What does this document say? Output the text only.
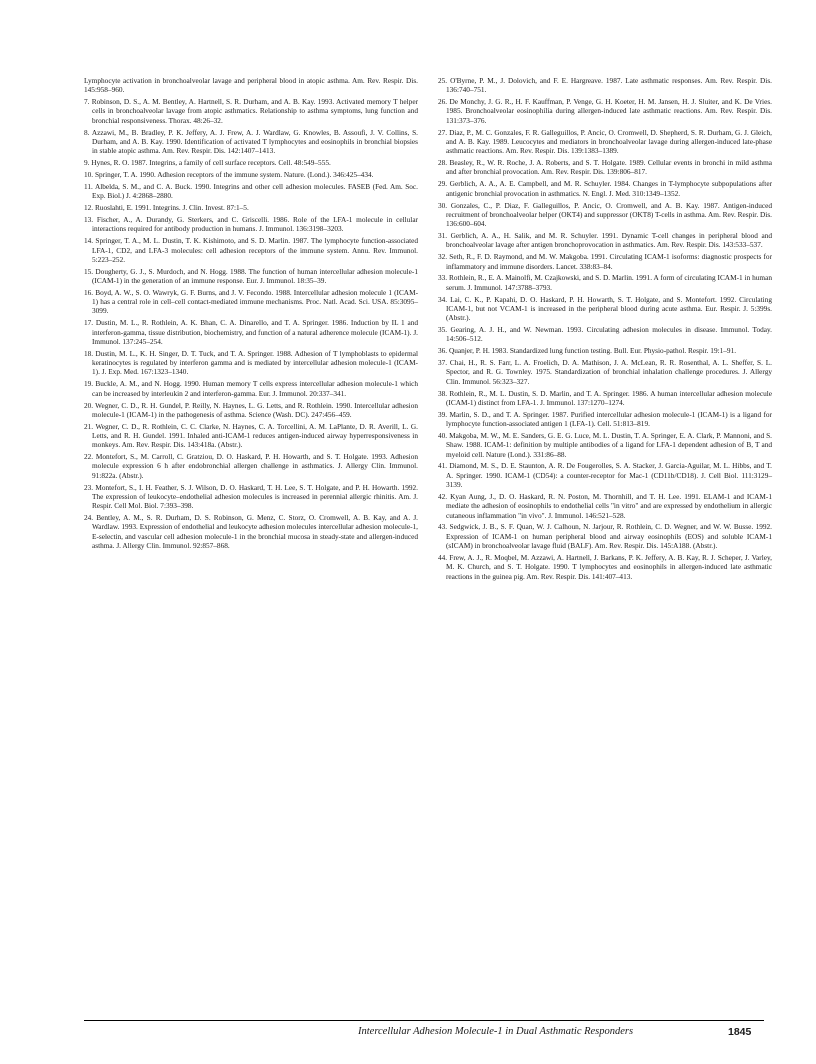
Lymphocyte activation in bronchoalveolar lavage and peripheral blood in atopic asthma. Am. Rev. Respir. Dis. 145:958–960.

7. Robinson, D. S., A. M. Bentley, A. Hartnell, S. R. Durham, and A. B. Kay. 1993. Activated memory T helper cells in bronchoalveolar lavage from atopic asthmatics. Relationship to asthma symptoms, lung function and bronchial responsiveness. Thorax. 48:26–32.

8. Azzawi, M., B. Bradley, P. K. Jeffery, A. J. Frew, A. J. Wardlaw, G. Knowles, B. Assoufi, J. V. Collins, S. Durham, and A. B. Kay. 1990. Identification of activated T lymphocytes and eosinophils in bronchial biopsies in stable atopic asthma. Am. Rev. Respir. Dis. 142:1407–1413.

9. Hynes, R. O. 1987. Integrins, a family of cell surface receptors. Cell. 48:549–555.

10. Springer, T. A. 1990. Adhesion receptors of the immune system. Nature. (Lond.). 346:425–434.

11. Albelda, S. M., and C. A. Buck. 1990. Integrins and other cell adhesion molecules. FASEB (Fed. Am. Soc. Exp. Biol.) J. 4:2868–2880.

12. Ruoslahti, E. 1991. Integrins. J. Clin. Invest. 87:1–5.

13. Fischer, A., A. Durandy, G. Sterkers, and C. Griscelli. 1986. Role of the LFA-1 molecule in cellular interactions required for antibody production in humans. J. Immunol. 136:3198–3203.

14. Springer, T. A., M. L. Dustin, T. K. Kishimoto, and S. D. Marlin. 1987. The lymphocyte function-associated LFA-1, CD2, and LFA-3 molecules: cell adhesion receptors of the immune system. Annu. Rev. Immunol. 5:223–252.

15. Dougherty, G. J., S. Murdoch, and N. Hogg. 1988. The function of human intercellular adhesion molecule-1 (ICAM-1) in the generation of an immune response. Eur. J. Immunol. 18:35–39.

16. Boyd, A. W., S. O. Wawryk, G. F. Burns, and J. V. Fecondo. 1988. Intercellular adhesion molecule 1 (ICAM-1) has a central role in cell–cell contact-mediated immune mechanisms. Proc. Natl. Acad. Sci. USA. 85:3095–3099.

17. Dustin, M. L., R. Rothlein, A. K. Bhan, C. A. Dinarello, and T. A. Springer. 1986. Induction by IL 1 and interferon-gamma, tissue distribution, biochemistry, and function of a natural adherence molecule (ICAM-1). J. Immunol. 137:245–254.

18. Dustin, M. L., K. H. Singer, D. T. Tuck, and T. A. Springer. 1988. Adhesion of T lymphoblasts to epidermal keratinocytes is regulated by interferon gamma and is mediated by intercellular adhesion molecule-1 (ICAM-1). J. Exp. Med. 167:1323–1340.

19. Buckle, A. M., and N. Hogg. 1990. Human memory T cells express intercellular adhesion molecule-1 which can be increased by interleukin 2 and interferon-gamma. Eur. J. Immunol. 20:337–341.

20. Wegner, C. D., R. H. Gundel, P. Reilly, N. Haynes, L. G. Letts, and R. Rothlein. 1990. Intercellular adhesion molecule-1 (ICAM-1) in the pathogenesis of asthma. Science (Wash. DC). 247:456–459.

21. Wegner, C. D., R. Rothlein, C. C. Clarke, N. Haynes, C. A. Torcellini, A. M. LaPlante, D. R. Averill, L. G. Letts, and R. H. Gundel. 1991. Inhaled anti-ICAM-1 reduces antigen-induced airway hyperresponsiveness in monkeys. Am. Rev. Respir. Dis. 143:418a. (Abstr.).

22. Montefort, S., M. Carroll, C. Gratziou, D. O. Haskard, P. H. Howarth, and S. T. Holgate. 1993. Adhesion molecule expression 6 h after endobronchial allergen challenge in asthmatics. J. Allergy Clin. Immunol. 91:822a. (Abstr.).

23. Montefort, S., I. H. Feather, S. J. Wilson, D. O. Haskard, T. H. Lee, S. T. Holgate, and P. H. Howarth. 1992. The expression of leukocyte–endothelial adhesion molecules is increased in perennial allergic rhinitis. Am. J. Respir. Cell Mol. Biol. 7:393–398.

24. Bentley, A. M., S. R. Durham, D. S. Robinson, G. Menz, C. Storz, O. Cromwell, A. B. Kay, and A. J. Wardlaw. 1993. Expression of endothelial and leukocyte adhesion molecules intercellular adhesion molecule-1, E-selectin, and vascular cell adhesion molecule-1 in the bronchial mucosa in steady-state and allergen-induced asthma. J. Allergy Clin. Immunol. 92:857–868.

25. O'Byrne, P. M., J. Dolovich, and F. E. Hargreave. 1987. Late asthmatic responses. Am. Rev. Respir. Dis. 136:740–751.

26. De Monchy, J. G. R., H. F. Kauffman, P. Venge, G. H. Koeter, H. M. Jansen, H. J. Sluiter, and K. De Vries. 1985. Bronchoalveolar eosinophilia during allergen-induced late asthmatic reactions. Am. Rev. Respir. Dis. 131:373–376.

27. Diaz, P., M. C. Gonzales, F. R. Galleguillos, P. Ancic, O. Cromwell, D. Shepherd, S. R. Durham, G. J. Gleich, and A. B. Kay. 1989. Leucocytes and mediators in bronchoalveolar lavage during allergen-induced late-phase asthmatic reactions. Am. Rev. Respir. Dis. 139:1383–1389.

28. Beasley, R., W. R. Roche, J. A. Roberts, and S. T. Holgate. 1989. Cellular events in bronchi in mild asthma and after bronchial provocation. Am. Rev. Respir. Dis. 139:806–817.

29. Gerblich, A. A., A. E. Campbell, and M. R. Schuyler. 1984. Changes in T-lymphocyte subpopulations after antigenic bronchial provocation in asthmatics. N. Engl. J. Med. 310:1349–1352.

30. Gonzales, C., P. Diaz, F. Galleguillos, P. Ancic, O. Cromwell, and A. B. Kay. 1987. Antigen-induced recruitment of bronchoalveolar helper (OKT4) and suppressor (OKT8) T-cells in asthma. Am. Rev. Respir. Dis. 136:600–604.

31. Gerblich, A. A., H. Salik, and M. R. Schuyler. 1991. Dynamic T-cell changes in peripheral blood and bronchoalveolar lavage after antigen bronchoprovocation in asthmatics. Am. Rev. Respir. Dis. 143:533–537.

32. Seth, R., F. D. Raymond, and M. W. Makgoba. 1991. Circulating ICAM-1 isoforms: diagnostic prospects for inflammatory and immune disorders. Lancet. 338:83–84.

33. Rothlein, R., E. A. Mainolfi, M. Czajkowski, and S. D. Marlin. 1991. A form of circulating ICAM-1 in human serum. J. Immunol. 147:3788–3793.

34. Lai, C. K., P. Kapahi, D. O. Haskard, P. H. Howarth, S. T. Holgate, and S. Montefort. 1992. Circulating ICAM-1, but not VCAM-1 is increased in the peripheral blood during acute asthma. Eur. Respir. J. 5:399s. (Abstr.).

35. Gearing, A. J. H., and W. Newman. 1993. Circulating adhesion molecules in disease. Immunol. Today. 14:506–512.

36. Quanjer, P. H. 1983. Standardized lung function testing. Bull. Eur. Physio-pathol. Respir. 19:1–91.

37. Chai, H., R. S. Farr, L. A. Froelich, D. A. Mathison, J. A. McLean, R. R. Rosenthal, A. L. Sheffer, S. L. Spector, and R. G. Townley. 1975. Standardization of bronchial inhalation challenge procedures. J. Allergy Clin. Immunol. 56:323–327.

38. Rothlein, R., M. L. Dustin, S. D. Marlin, and T. A. Springer. 1986. A human intercellular adhesion molecule (ICAM-1) distinct from LFA-1. J. Immunol. 137:1270–1274.

39. Marlin, S. D., and T. A. Springer. 1987. Purified intercellular adhesion molecule-1 (ICAM-1) is a ligand for lymphocyte function-associated antigen 1 (LFA-1). Cell. 51:813–819.

40. Makgoba, M. W., M. E. Sanders, G. E. G. Luce, M. L. Dustin, T. A. Springer, E. A. Clark, P. Mannoni, and S. Shaw. 1988. ICAM-1: definition by multiple antibodies of a ligand for LFA-1 dependent adhesion of B, T and myeloid cell. Nature (Lond.). 331:86–88.

41. Diamond, M. S., D. E. Staunton, A. R. De Fougerolles, S. A. Stacker, J. Garcia-Aguilar, M. L. Hibbs, and T. A. Springer. 1990. ICAM-1 (CD54): a counter-receptor for Mac-1 (CD11b/CD18). J. Cell Biol. 111:3129–3139.

42. Kyan Aung, J., D. O. Haskard, R. N. Poston, M. Thornhill, and T. H. Lee. 1991. ELAM-1 and ICAM-1 mediate the adhesion of eosinophils to endothelial cells "in vitro" and are expressed by endothelium in allergic cutaneous inflammation "in vivo". J. Immunol. 146:521–528.

43. Sedgwick, J. B., S. F. Quan, W. J. Calhoun, N. Jarjour, R. Rothlein, C. D. Wegner, and W. W. Busse. 1992. Expression of ICAM-1 on human peripheral blood and airway eosinophils (EOS) and soluble ICAM-1 (sICAM) in bronchoalveolar lavage fluid (BALF). Am. Rev. Respir. Dis. 145:A188. (Abstr.).

44. Frew, A. J., R. Moqbel, M. Azzawi, A. Hartnell, J. Barkans, P. K. Jeffery, A. B. Kay, R. J. Scheper, J. Varley, M. K. Church, and S. T. Holgate. 1990. T lymphocytes and eosinophils in allergen-induced late asthmatic reactions in the guinea pig. Am. Rev. Respir. Dis. 141:407–413.

Intercellular Adhesion Molecule-1 in Dual Asthmatic Responders	1845
